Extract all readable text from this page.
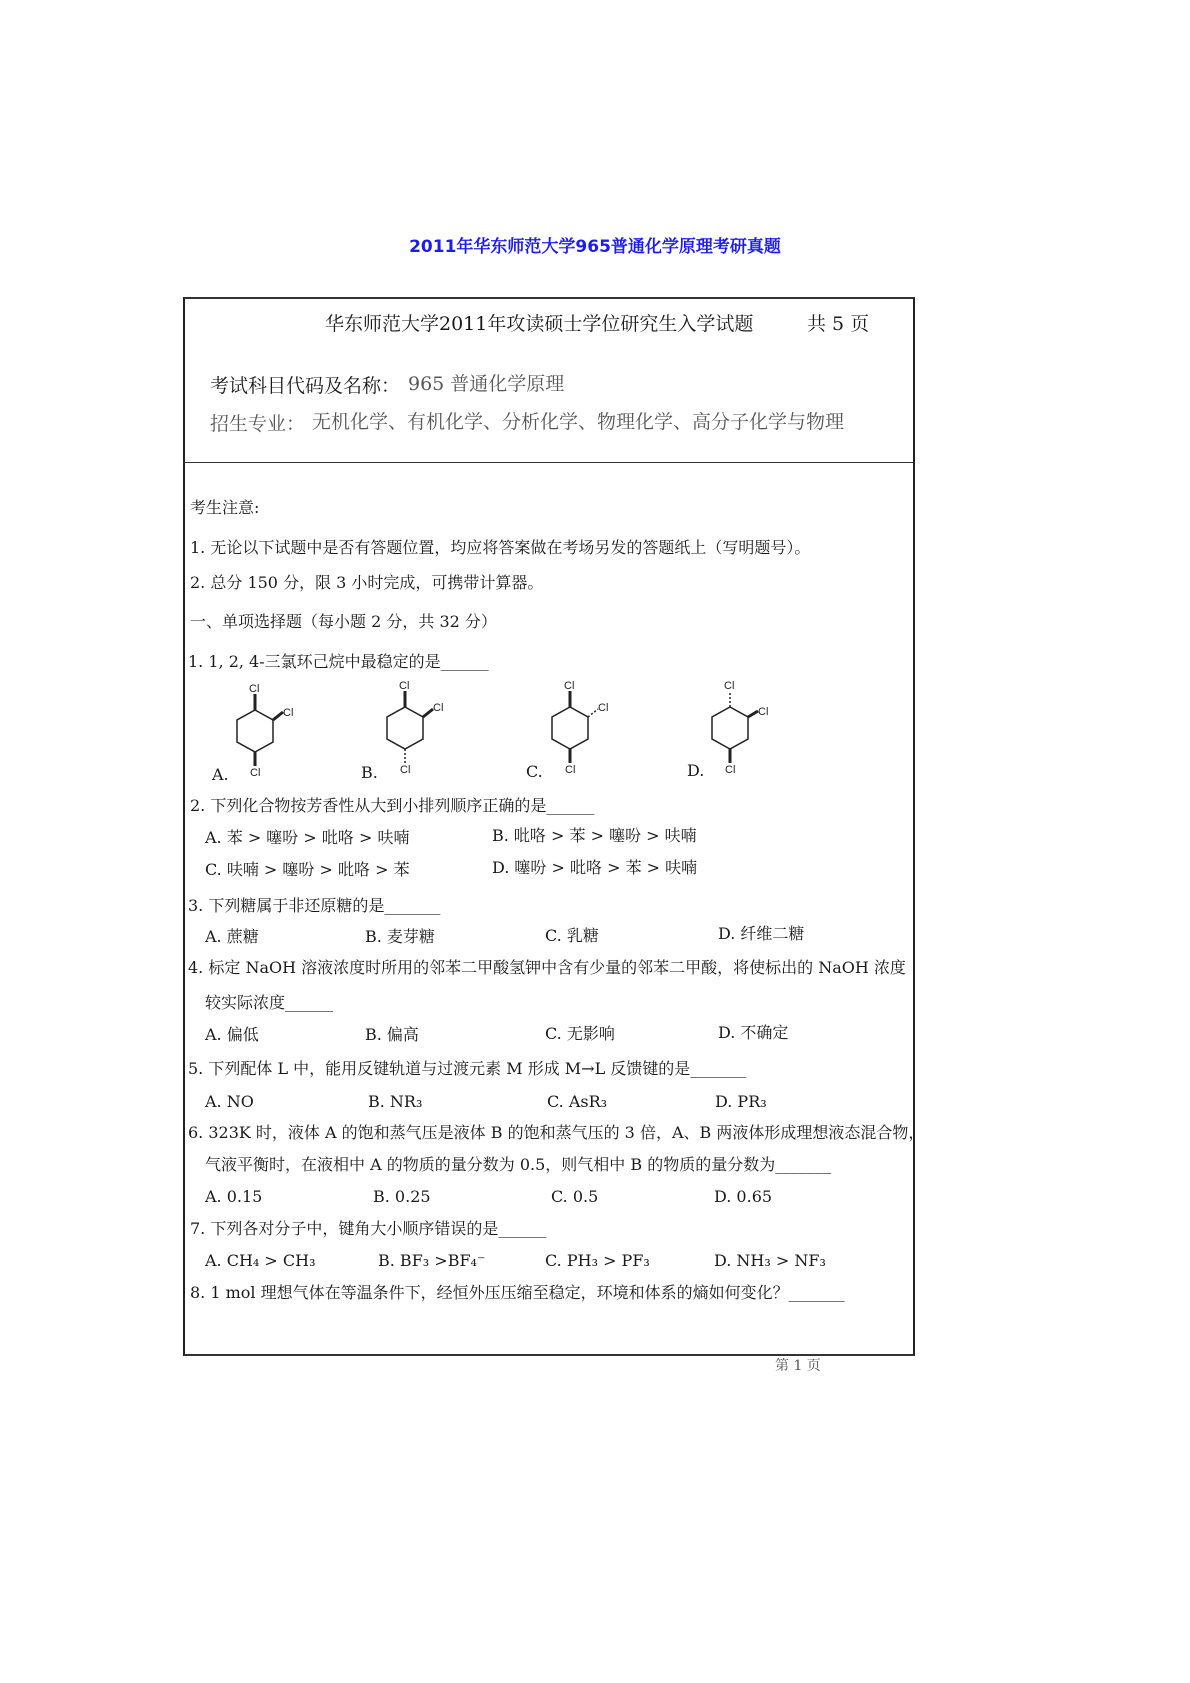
2011年华东师范大学965普通化学原理考研真题
华东师范大学2011年攻读硕士学位研究生入学试题	共 5 页
考试科目代码及名称： 965 普通化学原理
招生专业： 无机化学、有机化学、分析化学、物理化学、高分子化学与物理
考生注意:
1. 无论以下试题中是否有答题位置，均应将答案做在考场另发的答题纸上（写明题号）。
2. 总分 150 分，限 3 小时完成，可携带计算器。
一、单项选择题（每小题 2 分，共 32 分）
1. 1, 2, 4-三氯环己烷中最稳定的是______
Cl
Cl
Cl
Cl
Cl
Cl
Cl
Cl
Cl
Cl
Cl
Cl
A.	B.	C.	D.
2. 下列化合物按芳香性从大到小排列顺序正确的是______
A. 苯 > 噻吩 > 吡咯 > 呋喃	B. 吡咯 > 苯 > 噻吩 > 呋喃
C. 呋喃 > 噻吩 > 吡咯 > 苯	D. 噻吩 > 吡咯 > 苯 > 呋喃
3. 下列糖属于非还原糖的是_______
A. 蔗糖	B. 麦芽糖	C. 乳糖	D. 纤维二糖
4. 标定 NaOH 溶液浓度时所用的邻苯二甲酸氢钾中含有少量的邻苯二甲酸，将使标出的 NaOH 浓度
较实际浓度______
A. 偏低	B. 偏高	C. 无影响	D. 不确定
5. 下列配体 L 中，能用反键轨道与过渡元素 M 形成 M→L 反馈键的是_______
A. NO	B. NR₃	C. AsR₃	D. PR₃
6. 323K 时，液体 A 的饱和蒸气压是液体 B 的饱和蒸气压的 3 倍，A、B 两液体形成理想液态混合物，
气液平衡时，在液相中 A 的物质的量分数为 0.5，则气相中 B 的物质的量分数为_______
A. 0.15	B. 0.25	C. 0.5	D. 0.65
7. 下列各对分子中，键角大小顺序错误的是______
A. CH₄ > CH₃	B. BF₃ >BF₄⁻	C. PH₃ > PF₃	D. NH₃ > NF₃
8. 1 mol 理想气体在等温条件下，经恒外压压缩至稳定，环境和体系的熵如何变化？_______
第 1 页
